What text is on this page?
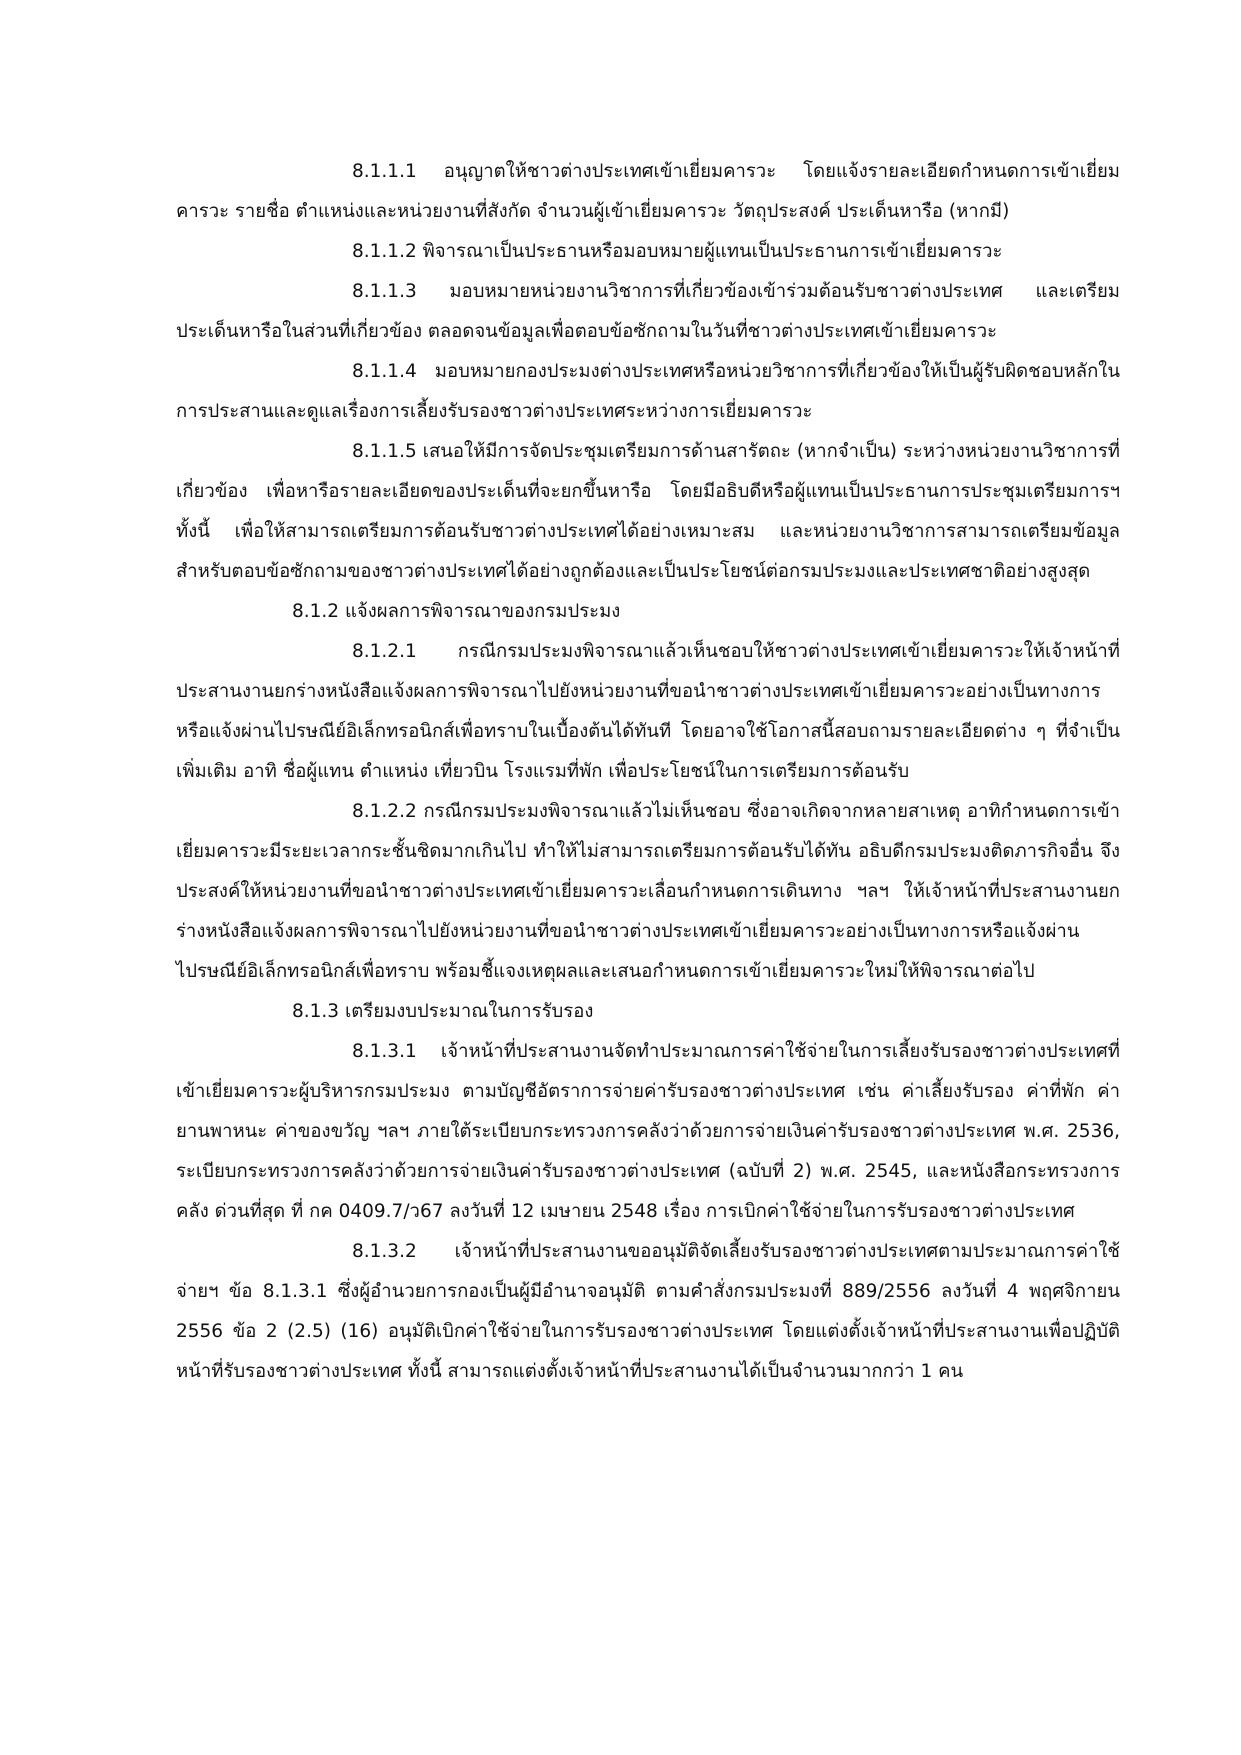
8.1.1.1 อนุญาตให้ชาวต่างประเทศเข้าเยี่ยมคารวะ โดยแจ้งรายละเอียดกำหนดการเข้าเยี่ยมคารวะ รายชื่อ ตำแหน่งและหน่วยงานที่สังกัด จำนวนผู้เข้าเยี่ยมคารวะ วัตถุประสงค์ ประเด็นหารือ (หากมี)

8.1.1.2 พิจารณาเป็นประธานหรือมอบหมายผู้แทนเป็นประธานการเข้าเยี่ยมคารวะ

8.1.1.3 มอบหมายหน่วยงานวิชาการที่เกี่ยวข้องเข้าร่วมต้อนรับชาวต่างประเทศ และเตรียมประเด็นหารือในส่วนที่เกี่ยวข้อง ตลอดจนข้อมูลเพื่อตอบข้อซักถามในวันที่ชาวต่างประเทศเข้าเยี่ยมคารวะ

8.1.1.4 มอบหมายกองประมงต่างประเทศหรือหน่วยวิชาการที่เกี่ยวข้องให้เป็นผู้รับผิดชอบหลักในการประสานและดูแลเรื่องการเลี้ยงรับรองชาวต่างประเทศระหว่างการเยี่ยมคารวะ

8.1.1.5 เสนอให้มีการจัดประชุมเตรียมการด้านสารัตถะ (หากจำเป็น) ระหว่างหน่วยงานวิชาการที่เกี่ยวข้อง เพื่อหารือรายละเอียดของประเด็นที่จะยกขึ้นหารือ โดยมีอธิบดีหรือผู้แทนเป็นประธานการประชุมเตรียมการฯ ทั้งนี้ เพื่อให้สามารถเตรียมการต้อนรับชาวต่างประเทศได้อย่างเหมาะสม และหน่วยงานวิชาการสามารถเตรียมข้อมูลสำหรับตอบข้อซักถามของชาวต่างประเทศได้อย่างถูกต้องและเป็นประโยชน์ต่อกรมประมงและประเทศชาติอย่างสูงสุด

8.1.2 แจ้งผลการพิจารณาของกรมประมง

8.1.2.1 กรณีกรมประมงพิจารณาแล้วเห็นชอบให้ชาวต่างประเทศเข้าเยี่ยมคารวะให้เจ้าหน้าที่ประสานงานยกร่างหนังสือแจ้งผลการพิจารณาไปยังหน่วยงานที่ขอนำชาวต่างประเทศเข้าเยี่ยมคารวะอย่างเป็นทางการหรือแจ้งผ่านไปรษณีย์อิเล็กทรอนิกส์เพื่อทราบในเบื้องต้นได้ทันที โดยอาจใช้โอกาสนี้สอบถามรายละเอียดต่าง ๆ ที่จำเป็นเพิ่มเติม อาทิ ชื่อผู้แทน ตำแหน่ง เที่ยวบิน โรงแรมที่พัก เพื่อประโยชน์ในการเตรียมการต้อนรับ

8.1.2.2 กรณีกรมประมงพิจารณาแล้วไม่เห็นชอบ ซึ่งอาจเกิดจากหลายสาเหตุ อาทิกำหนดการเข้าเยี่ยมคารวะมีระยะเวลากระชั้นชิดมากเกินไป ทำให้ไม่สามารถเตรียมการต้อนรับได้ทัน อธิบดีกรมประมงติดภารกิจอื่น จึงประสงค์ให้หน่วยงานที่ขอนำชาวต่างประเทศเข้าเยี่ยมคารวะเลื่อนกำหนดการเดินทาง ฯลฯ ให้เจ้าหน้าที่ประสานงานยกร่างหนังสือแจ้งผลการพิจารณาไปยังหน่วยงานที่ขอนำชาวต่างประเทศเข้าเยี่ยมคารวะอย่างเป็นทางการหรือแจ้งผ่านไปรษณีย์อิเล็กทรอนิกส์เพื่อทราบ พร้อมชี้แจงเหตุผลและเสนอกำหนดการเข้าเยี่ยมคารวะใหม่ให้พิจารณาต่อไป

8.1.3 เตรียมงบประมาณในการรับรอง

8.1.3.1 เจ้าหน้าที่ประสานงานจัดทำประมาณการค่าใช้จ่ายในการเลี้ยงรับรองชาวต่างประเทศที่เข้าเยี่ยมคารวะผู้บริหารกรมประมง ตามบัญชีอัตราการจ่ายค่ารับรองชาวต่างประเทศ เช่น ค่าเลี้ยงรับรอง ค่าที่พัก ค่ายานพาหนะ ค่าของขวัญ ฯลฯ ภายใต้ระเบียบกระทรวงการคลังว่าด้วยการจ่ายเงินค่ารับรองชาวต่างประเทศ พ.ศ. 2536, ระเบียบกระทรวงการคลังว่าด้วยการจ่ายเงินค่ารับรองชาวต่างประเทศ (ฉบับที่ 2) พ.ศ. 2545, และหนังสือกระทรวงการคลัง ด่วนที่สุด ที่ กค 0409.7/ว67 ลงวันที่ 12 เมษายน 2548 เรื่อง การเบิกค่าใช้จ่ายในการรับรองชาวต่างประเทศ

8.1.3.2 เจ้าหน้าที่ประสานงานขออนุมัติจัดเลี้ยงรับรองชาวต่างประเทศตามประมาณการค่าใช้จ่ายฯ ข้อ 8.1.3.1 ซึ่งผู้อำนวยการกองเป็นผู้มีอำนาจอนุมัติ ตามคำสั่งกรมประมงที่ 889/2556 ลงวันที่ 4 พฤศจิกายน 2556 ข้อ 2 (2.5) (16) อนุมัติเบิกค่าใช้จ่ายในการรับรองชาวต่างประเทศ โดยแต่งตั้งเจ้าหน้าที่ประสานงานเพื่อปฏิบัติหน้าที่รับรองชาวต่างประเทศ ทั้งนี้ สามารถแต่งตั้งเจ้าหน้าที่ประสานงานได้เป็นจำนวนมากกว่า 1 คน
